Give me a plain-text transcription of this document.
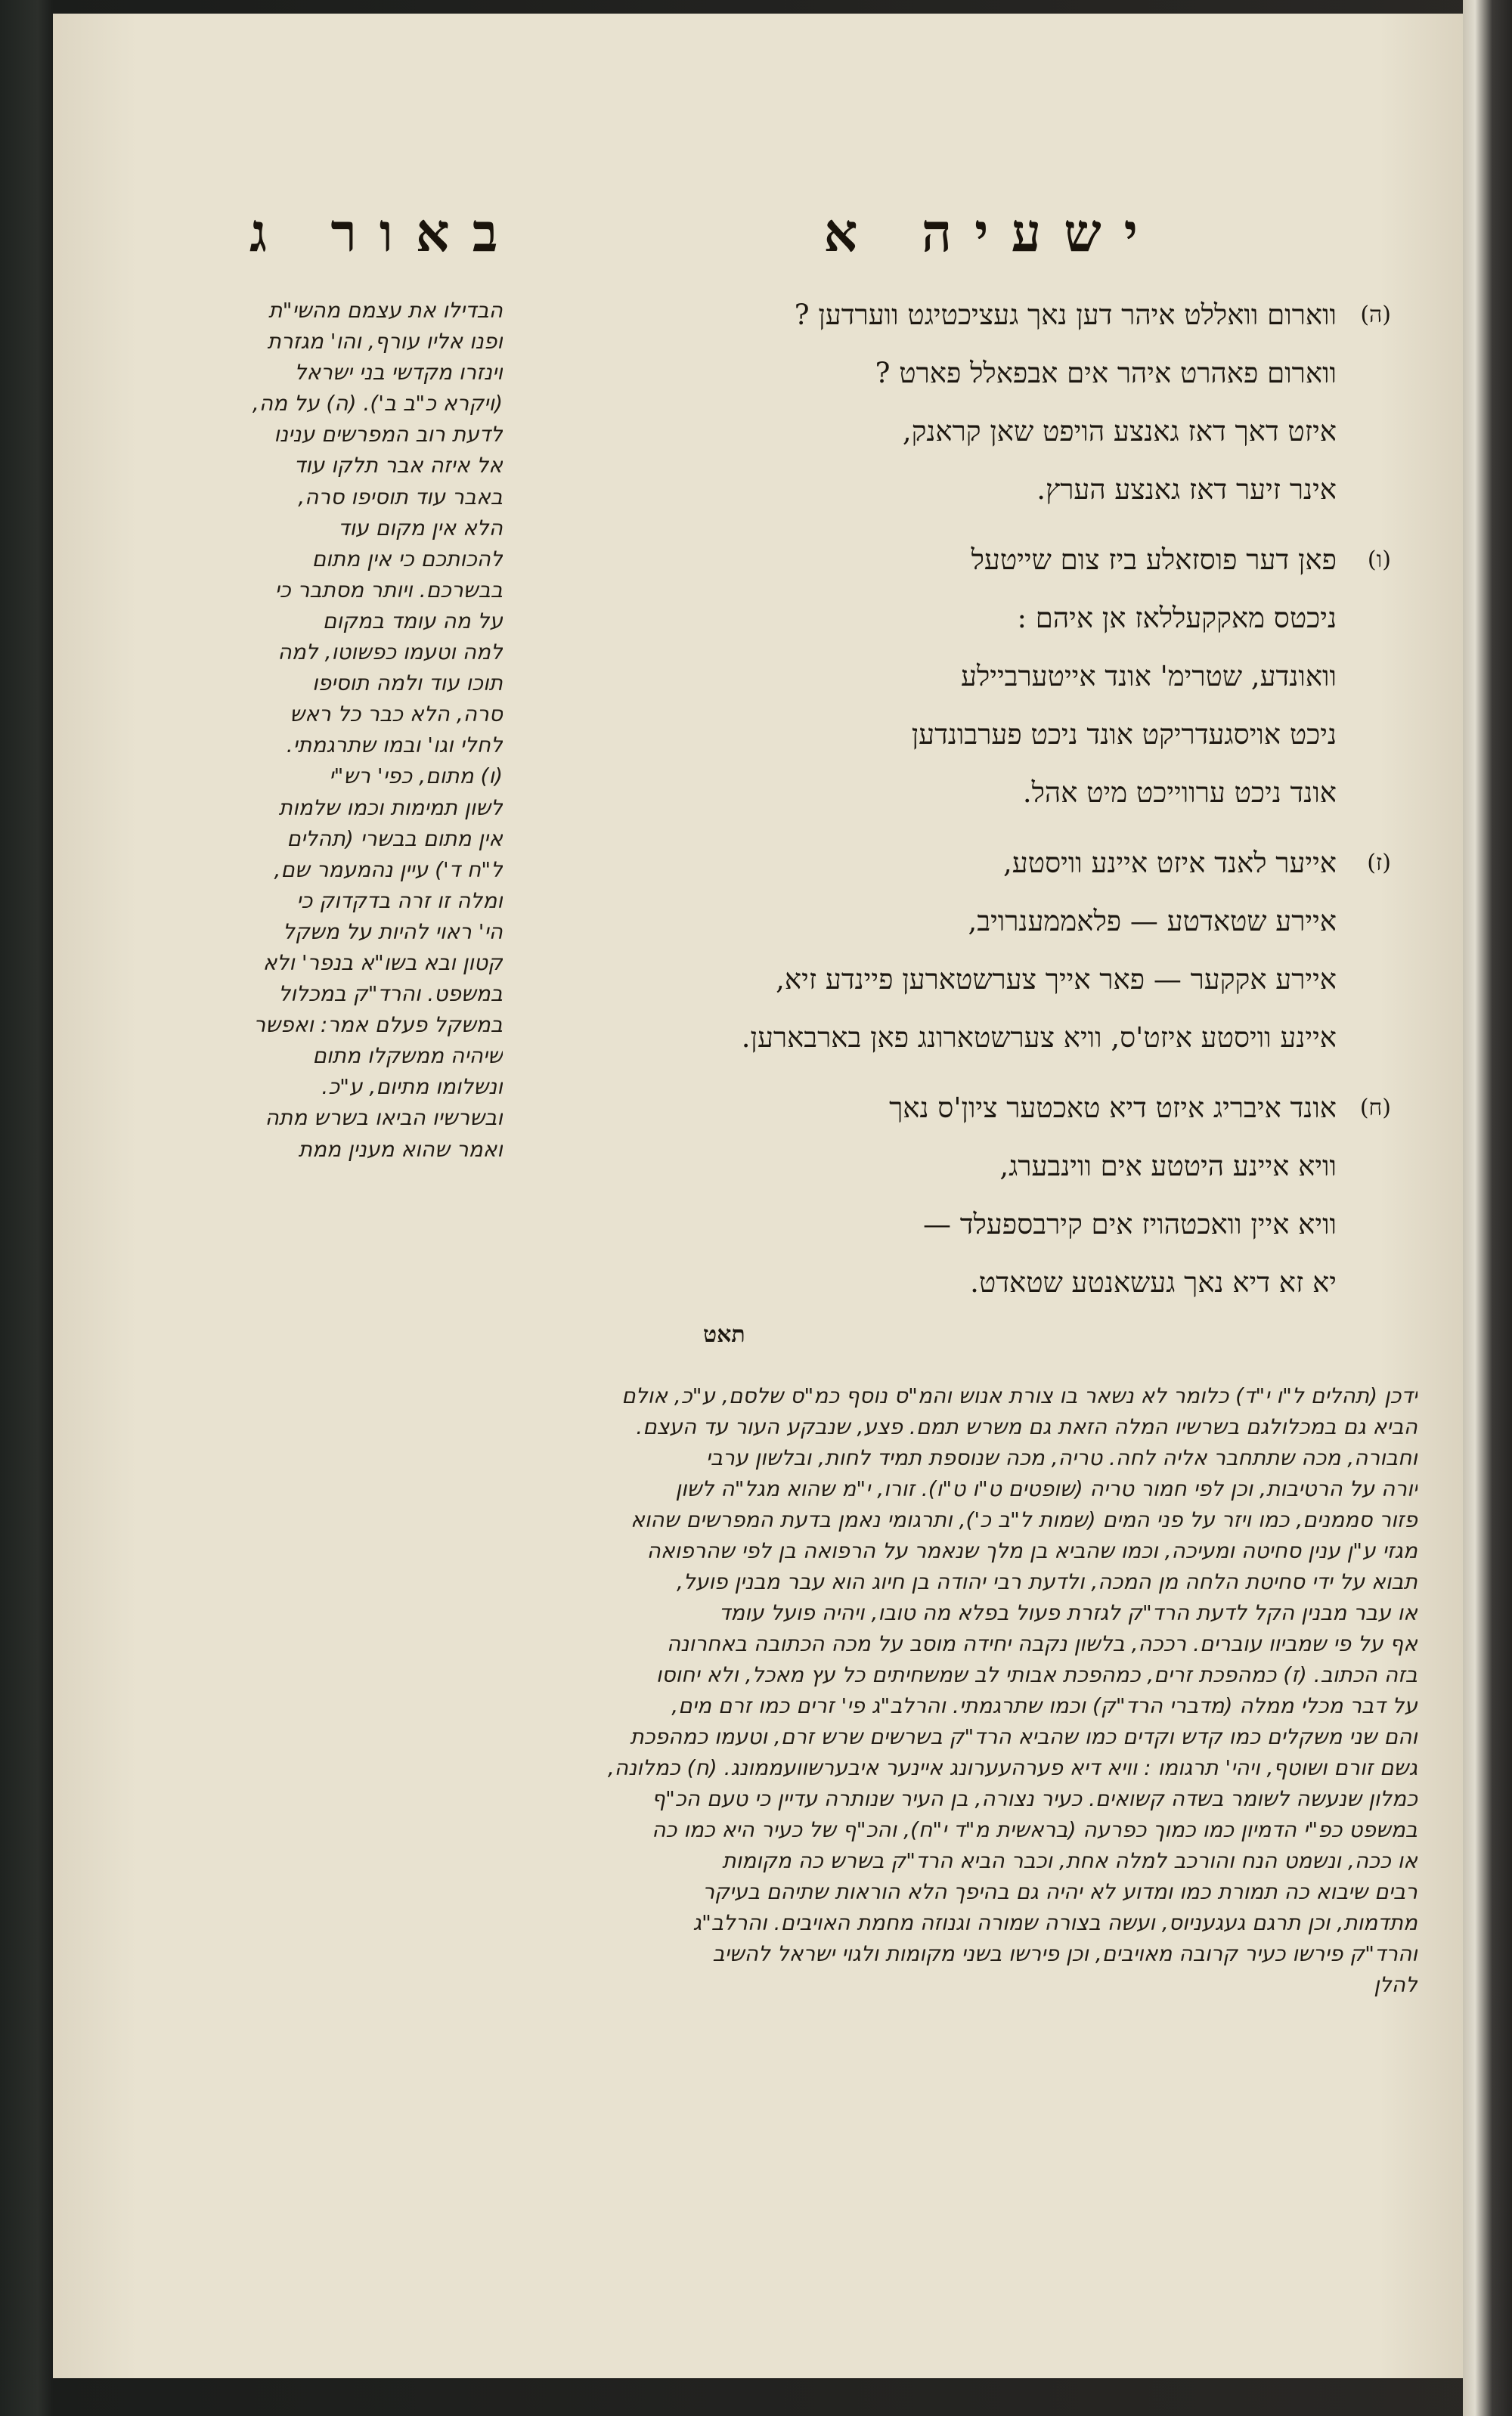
ישעיה א
באור ג
(ה)
ווארום וואללט איהר דען נאך געציכטיגט ווערדען ?
ווארום פאהרט איהר אים אבפאלל פארט ?
איזט דאך דאז גאנצע הויפט שאן קראנק,
אינר זיער דאז גאנצע הערץ.
(ו)
פאן דער פוסזאלע ביז צום שייטעל
ניכטס מאקקעללאז אן איהם :
וואונדע, שטרימ' אונד אייטערביילע
ניכט אויסגעדריקט אונד ניכט פערבונדען
אונד ניכט ערווייכט מיט אהל.
(ז)
אייער לאנד איזט איינע וויסטע,
איירע שטאדטע — פלאממענרויב,
איירע אקקער — פאר אייך צערשטארען פיינדע זיא,
איינע וויסטע איזט'ס, וויא צערשטארונג פאן בארבארען.
(ח)
אונד איבריג איזט דיא טאכטער ציון'ס נאך
וויא איינע היטטע אים ווינבערג,
וויא איין וואכטהויז אים קירבספעלד —
יא זא דיא נאך געשאנטע שטאדט.
הבדילו את עצמם מהשי"ת
ופנו אליו עורף, והו' מגזרת
וינזרו מקדשי בני ישראל
(ויקרא כ"ב ב'). (ה) על מה,
לדעת רוב המפרשים ענינו
אל איזה אבר תלקו עוד
באבר עוד תוסיפו סרה,
הלא אין מקום עוד
להכותכם כי אין מתום
בבשרכם. ויותר מסתבר כי
על מה עומד במקום
למה וטעמו כפשוטו, למה
תוכו עוד ולמה תוסיפו
סרה, הלא כבר כל ראש
לחלי וגו' ובמו שתרגמתי.
(ו) מתום, כפי' רש"י
לשון תמימות וכמו שלמות
אין מתום בבשרי (תהלים
ל"ח ד') עיין נהמעמר שם,
ומלה זו זרה בדקדוק כי
הי' ראוי להיות על משקל
קטון ובא בשו"א בנפר' ולא
במשפט. והרד"ק במכלול
במשקל פעלם אמר: ואפשר
שיהיה ממשקלו מתום
ונשלומו מתיום, ע"כ.
ובשרשיו הביאו בשרש מתה
ואמר שהוא מענין ממת
תאט
ידכן (תהלים ל"ו י"ד) כלומר לא נשאר בו צורת אנוש והמ"ס נוסף כמ"ס שלסם, ע"כ, אולם
הביא גם במכלולגם בשרשיו המלה הזאת גם משרש תמם. פצע, שנבקע העור עד העצם.
וחבורה, מכה שתתחבר אליה לחה. טריה, מכה שנוספת תמיד לחות, ובלשון ערבי
יורה על הרטיבות, וכן לפי חמור טריה (שופטים ט"ו ט"ו). זורו, י"מ שהוא מגל"ה לשון
פזור סממנים, כמו ויזר על פני המים (שמות ל"ב כ'), ותרגומי נאמן בדעת המפרשים שהוא
מגזי ע"ן ענין סחיטה ומעיכה, וכמו שהביא בן מלך שנאמר על הרפואה בן לפי שהרפואה
תבוא על ידי סחיטת הלחה מן המכה, ולדעת רבי יהודה בן חיוג הוא עבר מבנין פועל,
או עבר מבנין הקל לדעת הרד"ק לגזרת פעול בפלא מה טובו, ויהיה פועל עומד
אף על פי שמביוו עוברים. רככה, בלשון נקבה יחידה מוסב על מכה הכתובה באחרונה
בזה הכתוב. (ז) כמהפכת זרים, כמהפכת אבותי לב שמשחיתים כל עץ מאכל, ולא יחוסו
על דבר מכלי ממלה (מדברי הרד"ק) וכמו שתרגמתי. והרלב"ג פי' זרים כמו זרם מים,
והם שני משקלים כמו קדש וקדים כמו שהביא הרד"ק בשרשים שרש זרם, וטעמו כמהפכת
גשם זורם ושוטף, ויהי' תרגומו : וויא דיא פערהעערונג איינער איבערשוועממונג. (ח) כמלונה,
כמלון שנעשה לשומר בשדה קשואים. כעיר נצורה, בן העיר שנותרה עדיין כי טעם הכ"ף
במשפט כפ"י הדמיון כמו כמוך כפרעה (בראשית מ"ד י"ח), והכ"ף של כעיר היא כמו כה
או ככה, ונשמט הנח והורכב למלה אחת, וכבר הביא הרד"ק בשרש כה מקומות
רבים שיבוא כה תמורת כמו ומדוע לא יהיה גם בהיפך הלא הוראות שתיהם בעיקר
מתדמות, וכן תרגם געגעניוס, ועשה בצורה שמורה וגנוזה מחמת האויבים. והרלב"ג
והרד"ק פירשו כעיר קרובה מאויבים, וכן פירשו בשני מקומות ולגוי ישראל להשיב
להלן
